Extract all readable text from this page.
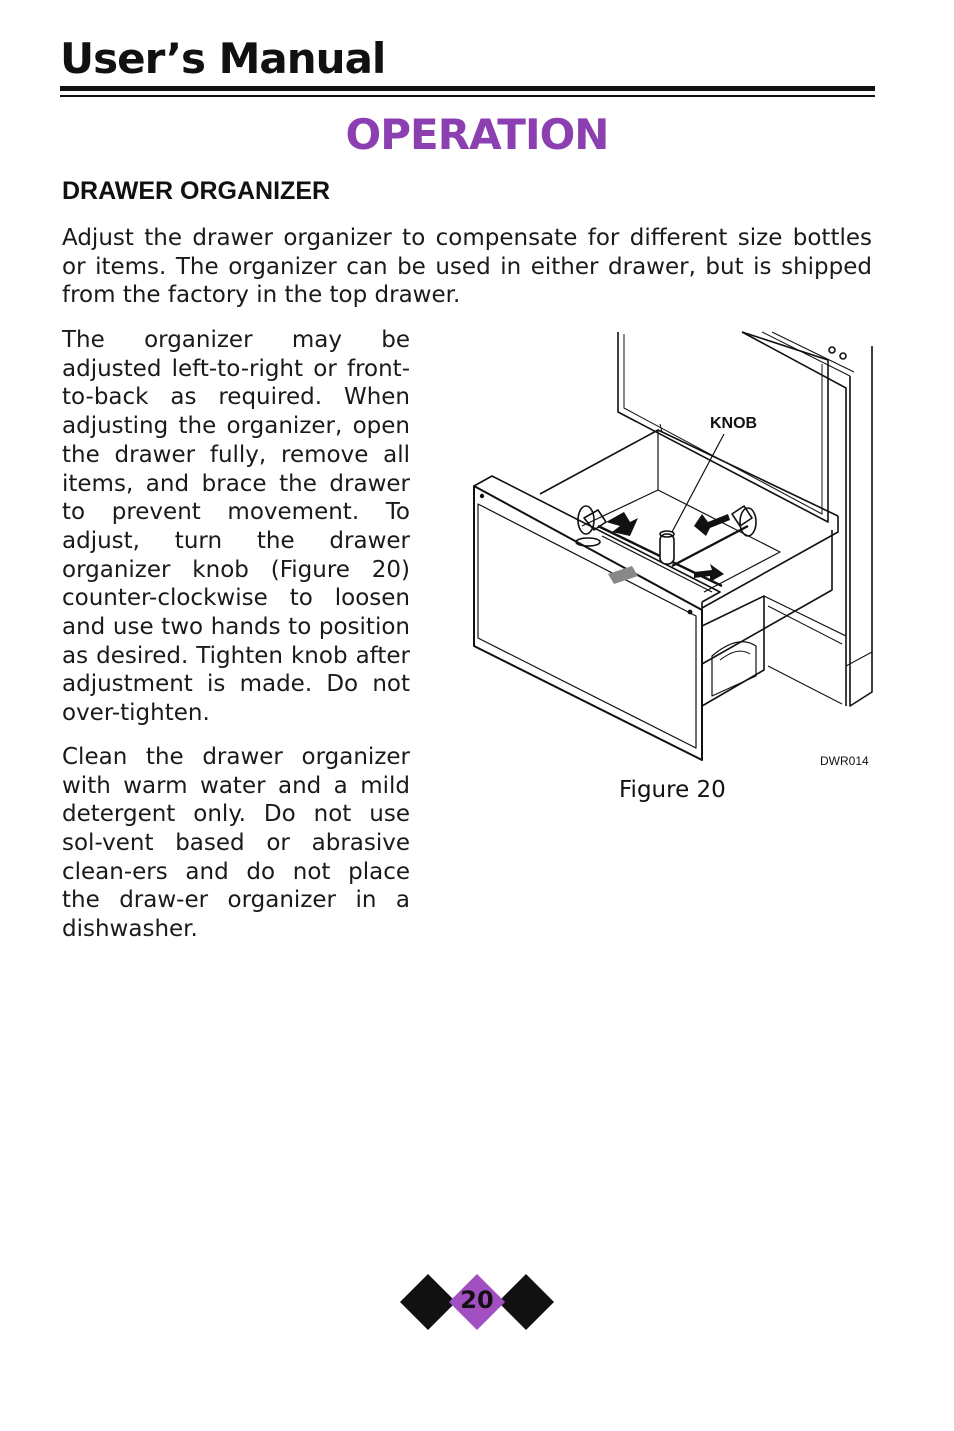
User’s Manual
OPERATION
DRAWER ORGANIZER

Adjust the drawer organizer to compensate for different size bottles or items. The organizer can be used in either drawer, but is shipped from the factory in the top drawer.

The organizer may be adjusted left-to-right or front-to-back as required. When adjusting the organizer, open the drawer fully, remove all items, and brace the drawer to prevent movement. To adjust, turn the drawer organizer knob (Figure 20) counter-clockwise to loosen and use two hands to position as desired. Tighten knob after adjustment is made. Do not over-tighten.

Clean the drawer organizer with warm water and a mild detergent only. Do not use sol-vent based or abrasive clean-ers and do not place the draw-er organizer in a dishwasher.

KNOB
DWR014
Figure 20
20
